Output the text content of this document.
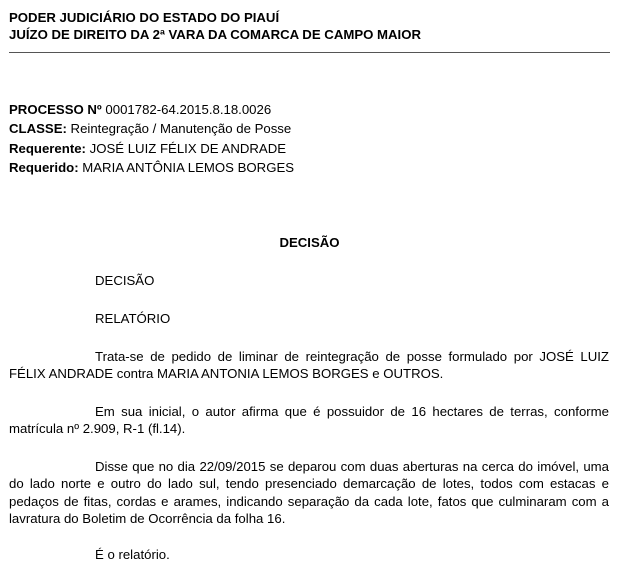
PODER JUDICIÁRIO DO ESTADO DO PIAUÍ
JUÍZO DE DIREITO DA 2ª VARA DA COMARCA DE CAMPO MAIOR
PROCESSO Nº 0001782-64.2015.8.18.0026
CLASSE: Reintegração / Manutenção de Posse
Requerente: JOSÉ LUIZ FÉLIX DE ANDRADE
Requerido: MARIA ANTÔNIA LEMOS BORGES
DECISÃO
DECISÃO
RELATÓRIO
Trata-se de pedido de liminar de reintegração de posse formulado por JOSÉ LUIZ FÉLIX ANDRADE contra MARIA ANTONIA LEMOS BORGES e OUTROS.
Em sua inicial, o autor afirma que é possuidor de 16 hectares de terras, conforme matrícula nº 2.909, R-1 (fl.14).
Disse que no dia 22/09/2015 se deparou com duas aberturas na cerca do imóvel, uma do lado norte e outro do lado sul, tendo presenciado demarcação de lotes, todos com estacas e pedaços de fitas, cordas e arames, indicando separação da cada lote, fatos que culminaram com a lavratura do Boletim de Ocorrência da folha 16.
É o relatório.
